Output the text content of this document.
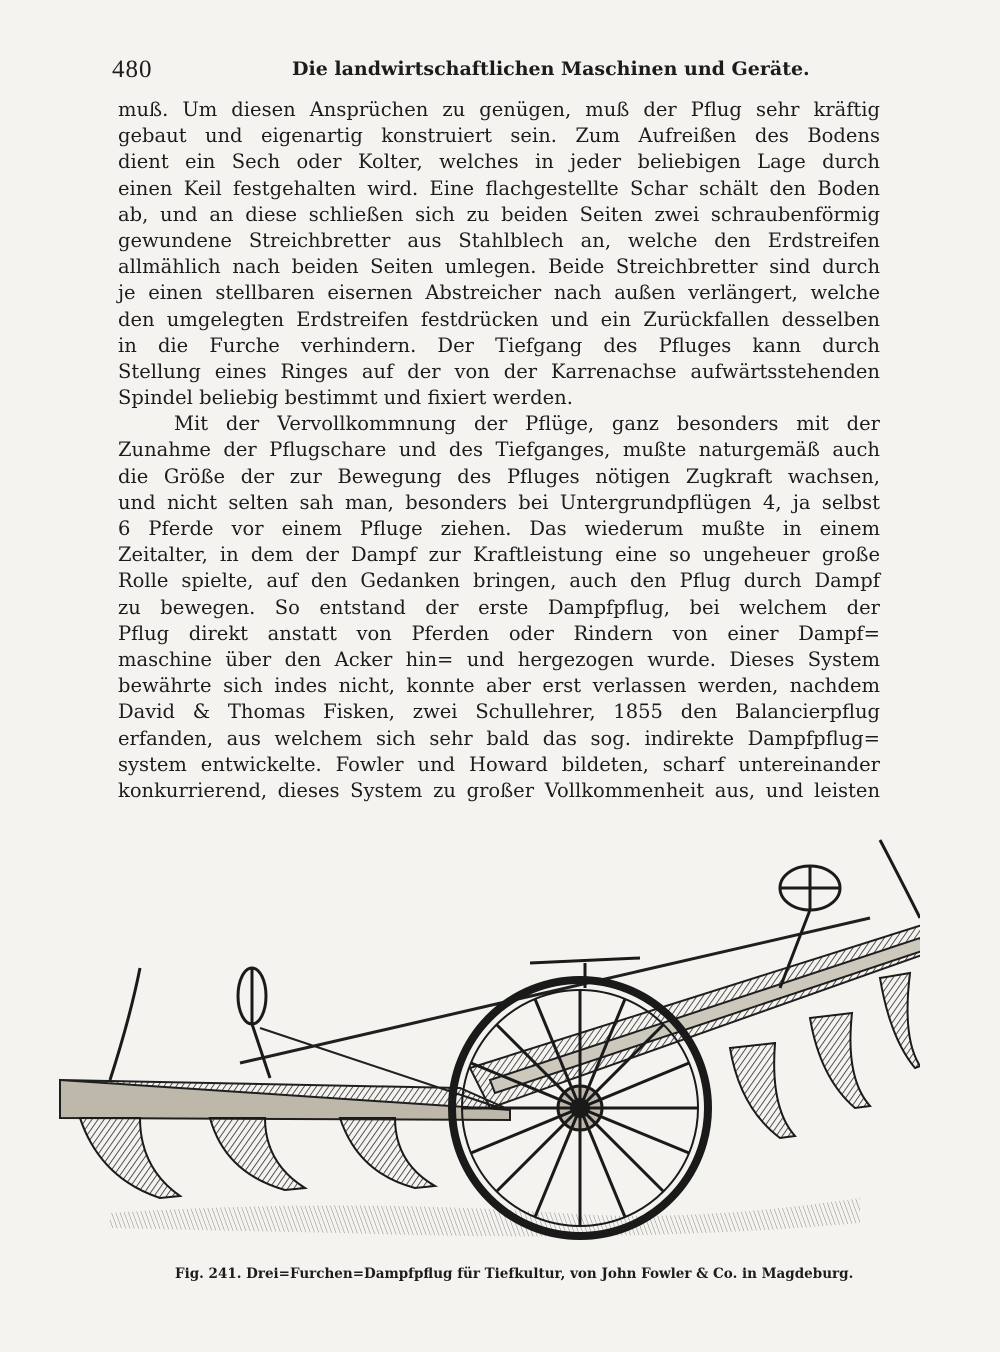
480	Die landwirtschaftlichen Maschinen und Geräte.
muß. Um diesen Ansprüchen zu genügen, muß der Pflug sehr kräftig
gebaut und eigenartig konstruiert sein. Zum Aufreißen des Bodens
dient ein Sech oder Kolter, welches in jeder beliebigen Lage durch
einen Keil festgehalten wird. Eine flachgestellte Schar schält den Boden
ab, und an diese schließen sich zu beiden Seiten zwei schraubenförmig
gewundene Streichbretter aus Stahlblech an, welche den Erdstreifen
allmählich nach beiden Seiten umlegen. Beide Streichbretter sind durch
je einen stellbaren eisernen Abstreicher nach außen verlängert, welche
den umgelegten Erdstreifen festdrücken und ein Zurückfallen desselben
in die Furche verhindern. Der Tiefgang des Pfluges kann durch
Stellung eines Ringes auf der von der Karrenachse aufwärtsstehenden
Spindel beliebig bestimmt und fixiert werden.
Mit der Vervollkommnung der Pflüge, ganz besonders mit der
Zunahme der Pflugschare und des Tiefganges, mußte naturgemäß auch
die Größe der zur Bewegung des Pfluges nötigen Zugkraft wachsen,
und nicht selten sah man, besonders bei Untergrundpflügen 4, ja selbst
6 Pferde vor einem Pfluge ziehen. Das wiederum mußte in einem
Zeitalter, in dem der Dampf zur Kraftleistung eine so ungeheuer große
Rolle spielte, auf den Gedanken bringen, auch den Pflug durch Dampf
zu bewegen. So entstand der erste Dampfpflug, bei welchem der
Pflug direkt anstatt von Pferden oder Rindern von einer Dampf=
maschine über den Acker hin= und hergezogen wurde. Dieses System
bewährte sich indes nicht, konnte aber erst verlassen werden, nachdem
David & Thomas Fisken, zwei Schullehrer, 1855 den Balancierpflug
erfanden, aus welchem sich sehr bald das sog. indirekte Dampfpflug=
system entwickelte. Fowler und Howard bildeten, scharf untereinander
konkurrierend, dieses System zu großer Vollkommenheit aus, und leisten
Fig. 241. Drei=Furchen=Dampfpflug für Tiefkultur, von John Fowler & Co. in Magdeburg.
